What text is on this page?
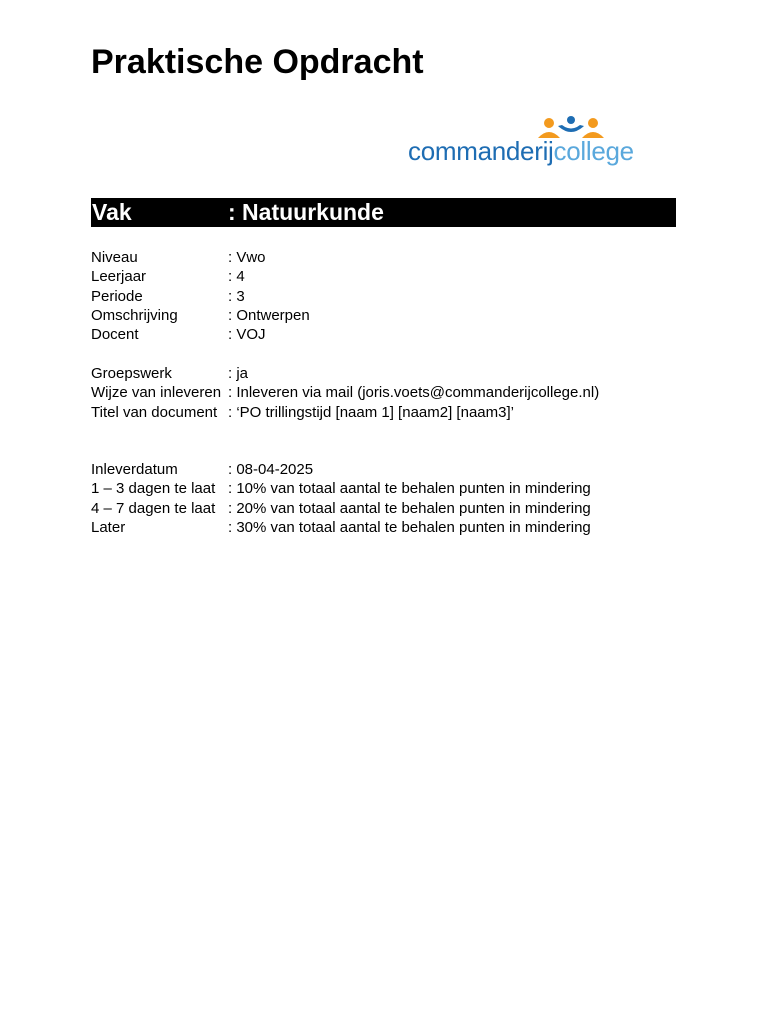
Praktische Opdracht
commanderijcollege
Vak	: Natuurkunde
Niveau	: Vwo
Leerjaar	: 4
Periode	: 3
Omschrijving	: Ontwerpen
Docent	: VOJ
Groepswerk	: ja
Wijze van inleveren : Inleveren via mail (joris.voets@commanderijcollege.nl)
Titel van document : ‘PO trillingstijd [naam 1] [naam2] [naam3]’
Inleverdatum	: 08-04-2025
1 – 3 dagen te laat : 10% van totaal aantal te behalen punten in mindering
4 – 7 dagen te laat : 20% van totaal aantal te behalen punten in mindering
Later	: 30% van totaal aantal te behalen punten in mindering
